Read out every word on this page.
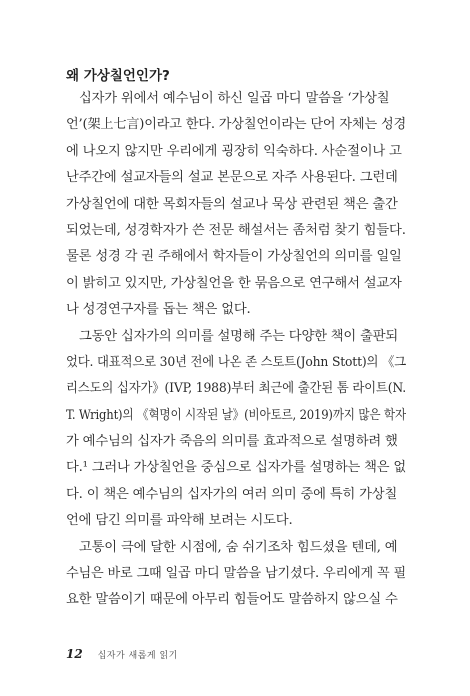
왜 가상칠언인가?
십자가 위에서 예수님이 하신 일곱 마디 말씀을 ‘가상칠
언’(架上七言)이라고 한다. 가상칠언이라는 단어 자체는 성경
에 나오지 않지만 우리에게 굉장히 익숙하다. 사순절이나 고
난주간에 설교자들의 설교 본문으로 자주 사용된다. 그런데
가상칠언에 대한 목회자들의 설교나 묵상 관련된 책은 출간
되었는데, 성경학자가 쓴 전문 해설서는 좀처럼 찾기 힘들다.
물론 성경 각 권 주해에서 학자들이 가상칠언의 의미를 일일
이 밝히고 있지만, 가상칠언을 한 묶음으로 연구해서 설교자
나 성경연구자를 돕는 책은 없다.
그동안 십자가의 의미를 설명해 주는 다양한 책이 출판되
었다. 대표적으로 30년 전에 나온 존 스토트(John Stott)의 《그
리스도의 십자가》(IVP, 1988)부터 최근에 출간된 톰 라이트(N.
T. Wright)의 《혁명이 시작된 날》(비아토르, 2019)까지 많은 학자
가 예수님의 십자가 죽음의 의미를 효과적으로 설명하려 했
다.¹ 그러나 가상칠언을 중심으로 십자가를 설명하는 책은 없
다. 이 책은 예수님의 십자가의 여러 의미 중에 특히 가상칠
언에 담긴 의미를 파악해 보려는 시도다.
고통이 극에 달한 시점에, 숨 쉬기조차 힘드셨을 텐데, 예
수님은 바로 그때 일곱 마디 말씀을 남기셨다. 우리에게 꼭 필
요한 말씀이기 때문에 아무리 힘들어도 말씀하지 않으실 수
12 십자가 새롭게 읽기
